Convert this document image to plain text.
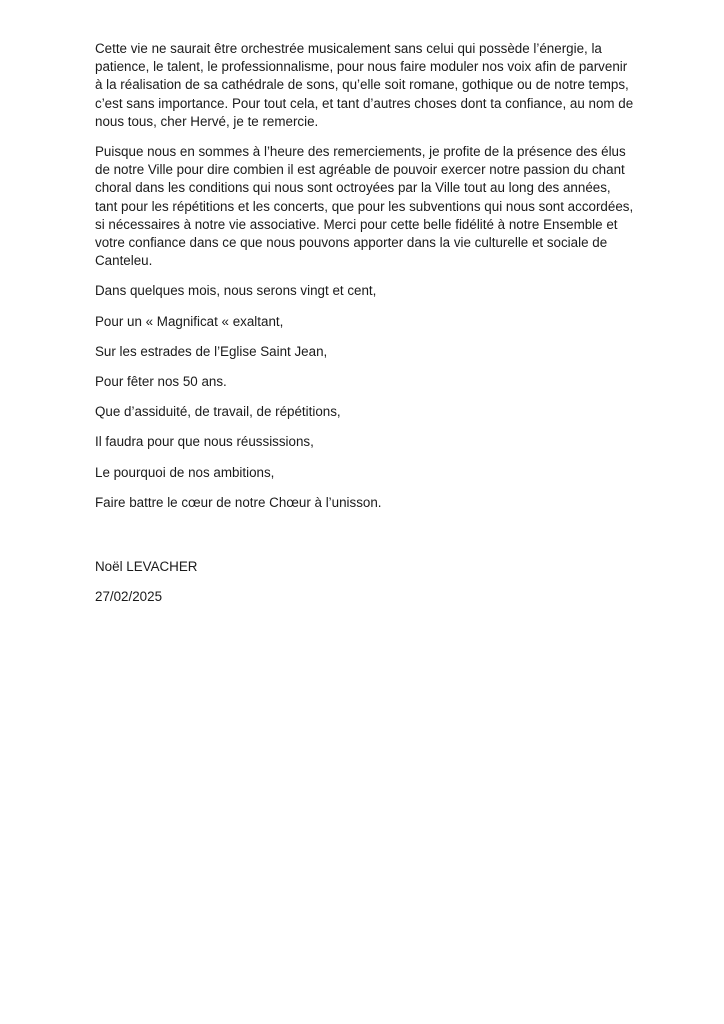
Cette vie ne saurait être orchestrée musicalement sans celui qui possède l’énergie, la patience, le talent, le professionnalisme, pour nous faire moduler nos voix afin de parvenir à la réalisation de sa cathédrale de sons, qu’elle soit romane, gothique ou de notre temps, c’est sans importance. Pour tout cela, et tant d’autres choses dont ta confiance, au nom de nous tous, cher Hervé, je te remercie.

Puisque nous en sommes à l’heure des remerciements, je profite de la présence des élus de notre Ville pour dire combien il est agréable de pouvoir exercer notre passion du chant choral dans les conditions qui nous sont octroyées par la Ville tout au long des années, tant pour les répétitions et les concerts, que pour les subventions qui nous sont accordées, si nécessaires à notre vie associative. Merci pour cette belle fidélité à notre Ensemble et votre confiance dans ce que nous pouvons apporter dans la vie culturelle et sociale de Canteleu.

Dans quelques mois, nous serons vingt et cent,

Pour un « Magnificat « exaltant,

Sur les estrades de l’Eglise Saint Jean,

Pour fêter nos 50 ans.

Que d’assiduité, de travail, de répétitions,

Il faudra pour que nous réussissions,

Le pourquoi de nos ambitions,

Faire battre le cœur de notre Chœur à l’unisson.

Noël LEVACHER

27/02/2025
